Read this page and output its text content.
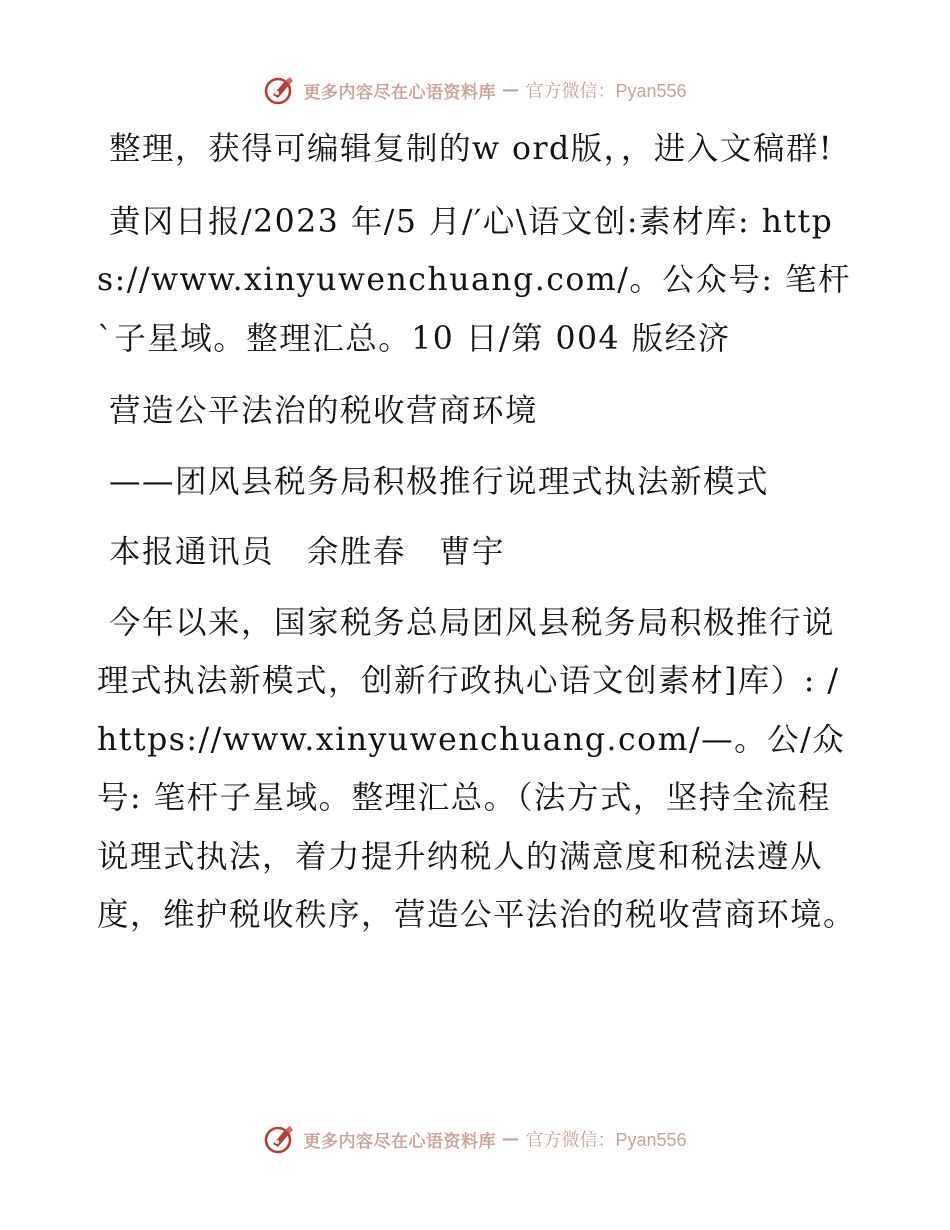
更多内容尽在心语资料库 — 官方微信：Pyan556

整理，获得可编辑复制的w ord版，，进入文稿群!

黄冈日报/2023 年/5 月/′心\语文创:素材库: https://www.xinyuwenchuang.com/。公众号: 笔杆`子星域。整理汇总。10 日/第 004 版经济

营造公平法治的税收营商环境

——团风县税务局积极推行说理式执法新模式

本报通讯员　余胜春　曹宇

今年以来，国家税务总局团风县税务局积极推行说理式执法新模式，创新行政执心语文创素材]库）: /https://www.xinyuwenchuang.com/—。公/众号: 笔杆子星域。整理汇总。（法方式，坚持全流程说理式执法，着力提升纳税人的满意度和税法遵从度，维护税收秩序，营造公平法治的税收营商环境。

更多内容尽在心语资料库 — 官方微信：Pyan556
